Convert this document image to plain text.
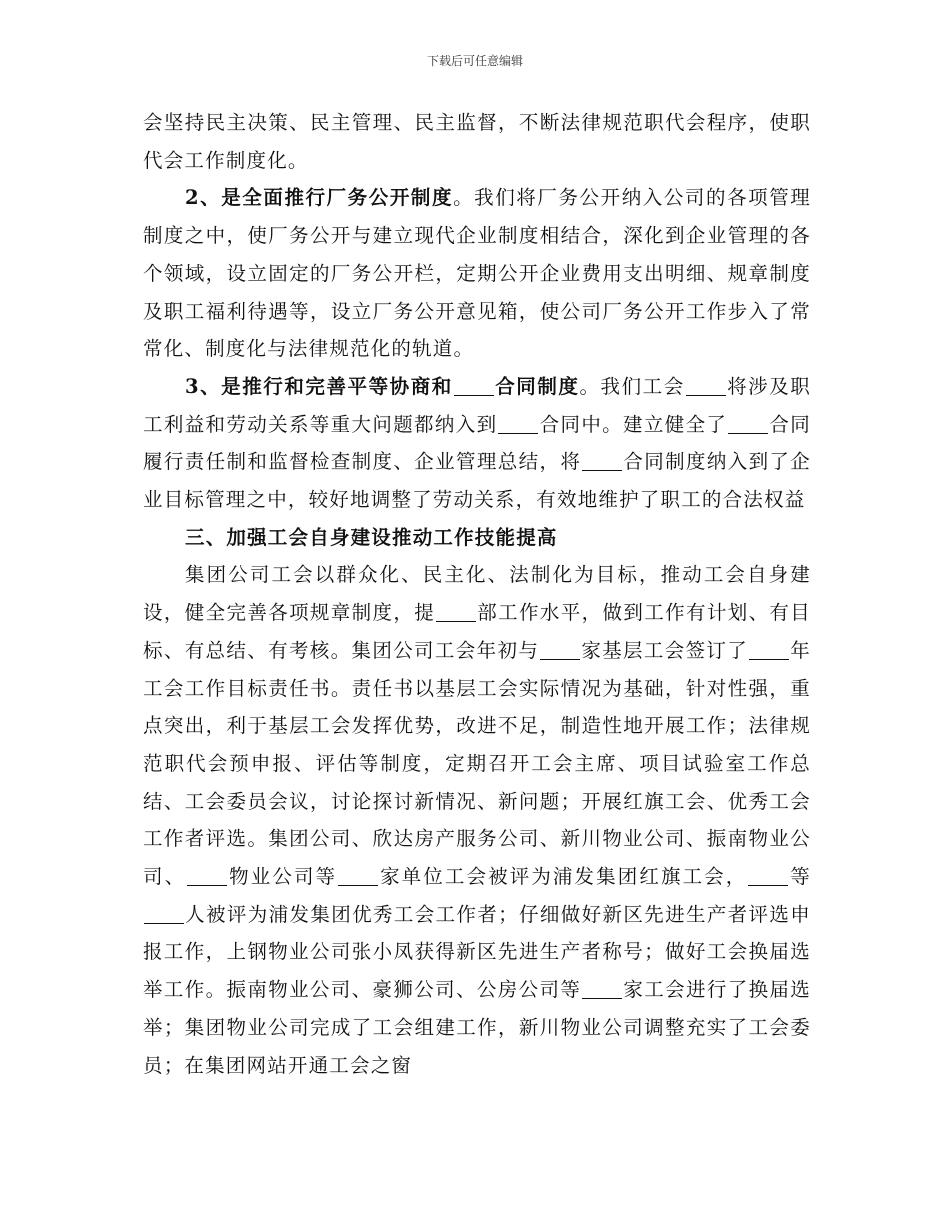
下载后可任意编辑

会坚持民主决策、民主管理、民主监督，不断法律规范职代会程序，使职代会工作制度化。

2、是全面推行厂务公开制度。我们将厂务公开纳入公司的各项管理制度之中，使厂务公开与建立现代企业制度相结合，深化到企业管理的各个领域，设立固定的厂务公开栏，定期公开企业费用支出明细、规章制度及职工福利待遇等，设立厂务公开意见箱，使公司厂务公开工作步入了常常化、制度化与法律规范化的轨道。

3、是推行和完善平等协商和 合同制度。我们工会 将涉及职工利益和劳动关系等重大问题都纳入到 合同中。建立健全了 合同履行责任制和监督检查制度、企业管理总结，将 合同制度纳入到了企业目标管理之中，较好地调整了劳动关系，有效地维护了职工的合法权益

三、加强工会自身建设推动工作技能提高

集团公司工会以群众化、民主化、法制化为目标，推动工会自身建设，健全完善各项规章制度，提 部工作水平，做到工作有计划、有目标、有总结、有考核。集团公司工会年初与 家基层工会签订了 年工会工作目标责任书。责任书以基层工会实际情况为基础，针对性强，重点突出，利于基层工会发挥优势，改进不足，制造性地开展工作；法律规范职代会预申报、评估等制度，定期召开工会主席、项目试验室工作总结、工会委员会议，讨论探讨新情况、新问题；开展红旗工会、优秀工会工作者评选。集团公司、欣达房产服务公司、新川物业公司、振南物业公司、 物业公司等 家单位工会被评为浦发集团红旗工会， 等人被评为浦发集团优秀工会工作者；仔细做好新区先进生产者评选申报工作，上钢物业公司张小凤获得新区先进生产者称号；做好工会换届选举工作。振南物业公司、豪狮公司、公房公司等 家工会进行了换届选举；集团物业公司完成了工会组建工作，新川物业公司调整充实了工会委员；在集团网站开通工会之窗
